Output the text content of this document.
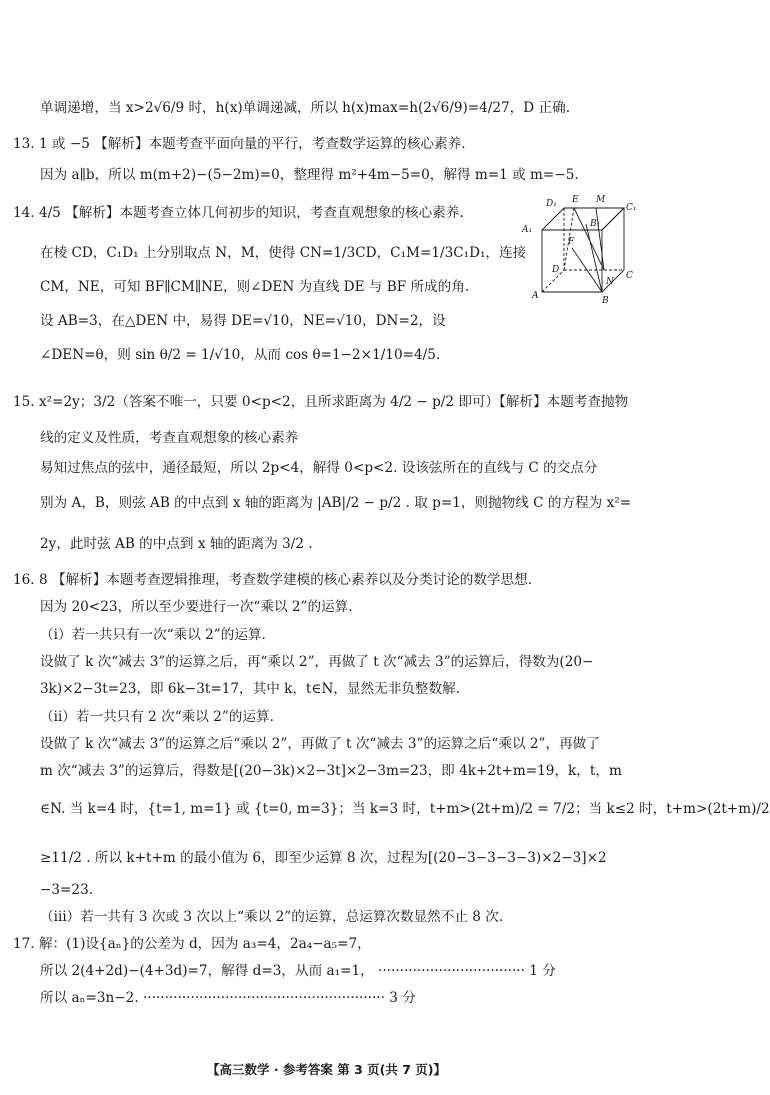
单调递增，当 x>2√6/9 时，h(x)单调递减，所以 h(x)max=h(2√6/9)=4/27，D 正确.
13. 1 或 −5 【解析】本题考查平面向量的平行，考查数学运算的核心素养.
因为 a∥b，所以 m(m+2)−(5−2m)=0，整理得 m²+4m−5=0，解得 m=1 或 m=−5.
14. 4/5 【解析】本题考查立体几何初步的知识，考查直观想象的核心素养.
在棱 CD，C₁D₁ 上分别取点 N，M，使得 CN=1/3CD，C₁M=1/3C₁D₁，连接
CM，NE，可知 BF∥CM∥NE，则∠DEN 为直线 DE 与 BF 所成的角.
设 AB=3，在△DEN 中，易得 DE=√10，NE=√10，DN=2，设
∠DEN=θ，则 sin θ/2 = 1/√10，从而 cos θ=1−2×1/10=4/5.
D₁ E M
C₁
A₁
B₁
F
D
N
C
A	B
15. x²=2y；3/2（答案不唯一，只要 0<p<2，且所求距离为 4/2 − p/2 即可）【解析】本题考查抛物
线的定义及性质，考查直观想象的核心素养
易知过焦点的弦中，通径最短，所以 2p<4，解得 0<p<2. 设该弦所在的直线与 C 的交点分
别为 A，B，则弦 AB 的中点到 x 轴的距离为 |AB|/2 − p/2 . 取 p=1，则抛物线 C 的方程为 x²=
2y，此时弦 AB 的中点到 x 轴的距离为 3/2 .
16. 8 【解析】本题考查逻辑推理，考查数学建模的核心素养以及分类讨论的数学思想.
因为 20<23，所以至少要进行一次“乘以 2”的运算.
（ⅰ）若一共只有一次“乘以 2”的运算.
设做了 k 次“减去 3”的运算之后，再“乘以 2”，再做了 t 次“减去 3”的运算后，得数为(20−
3k)×2−3t=23，即 6k−3t=17，其中 k，t∈N，显然无非负整数解.
（ⅱ）若一共只有 2 次“乘以 2”的运算.
设做了 k 次“减去 3”的运算之后“乘以 2”，再做了 t 次“减去 3”的运算之后“乘以 2”，再做了
m 次“减去 3”的运算后，得数是[(20−3k)×2−3t]×2−3m=23，即 4k+2t+m=19，k，t，m
∈N. 当 k=4 时，{t=1, m=1} 或 {t=0, m=3}；当 k=3 时，t+m>(2t+m)/2 = 7/2；当 k≤2 时，t+m>(2t+m)/2
≥11/2 . 所以 k+t+m 的最小值为 6，即至少运算 8 次，过程为[(20−3−3−3−3)×2−3]×2
−3=23.
（ⅲ）若一共有 3 次或 3 次以上“乘以 2”的运算，总运算次数显然不止 8 次.
17. 解：(1)设{aₙ}的公差为 d，因为 a₃=4，2a₄−a₅=7，
所以 2(4+2d)−(4+3d)=7，解得 d=3，从而 a₁=1， ·································· 1 分
所以 aₙ=3n−2. ························································ 3 分
【高三数学 · 参考答案 第 3 页(共 7 页)】
